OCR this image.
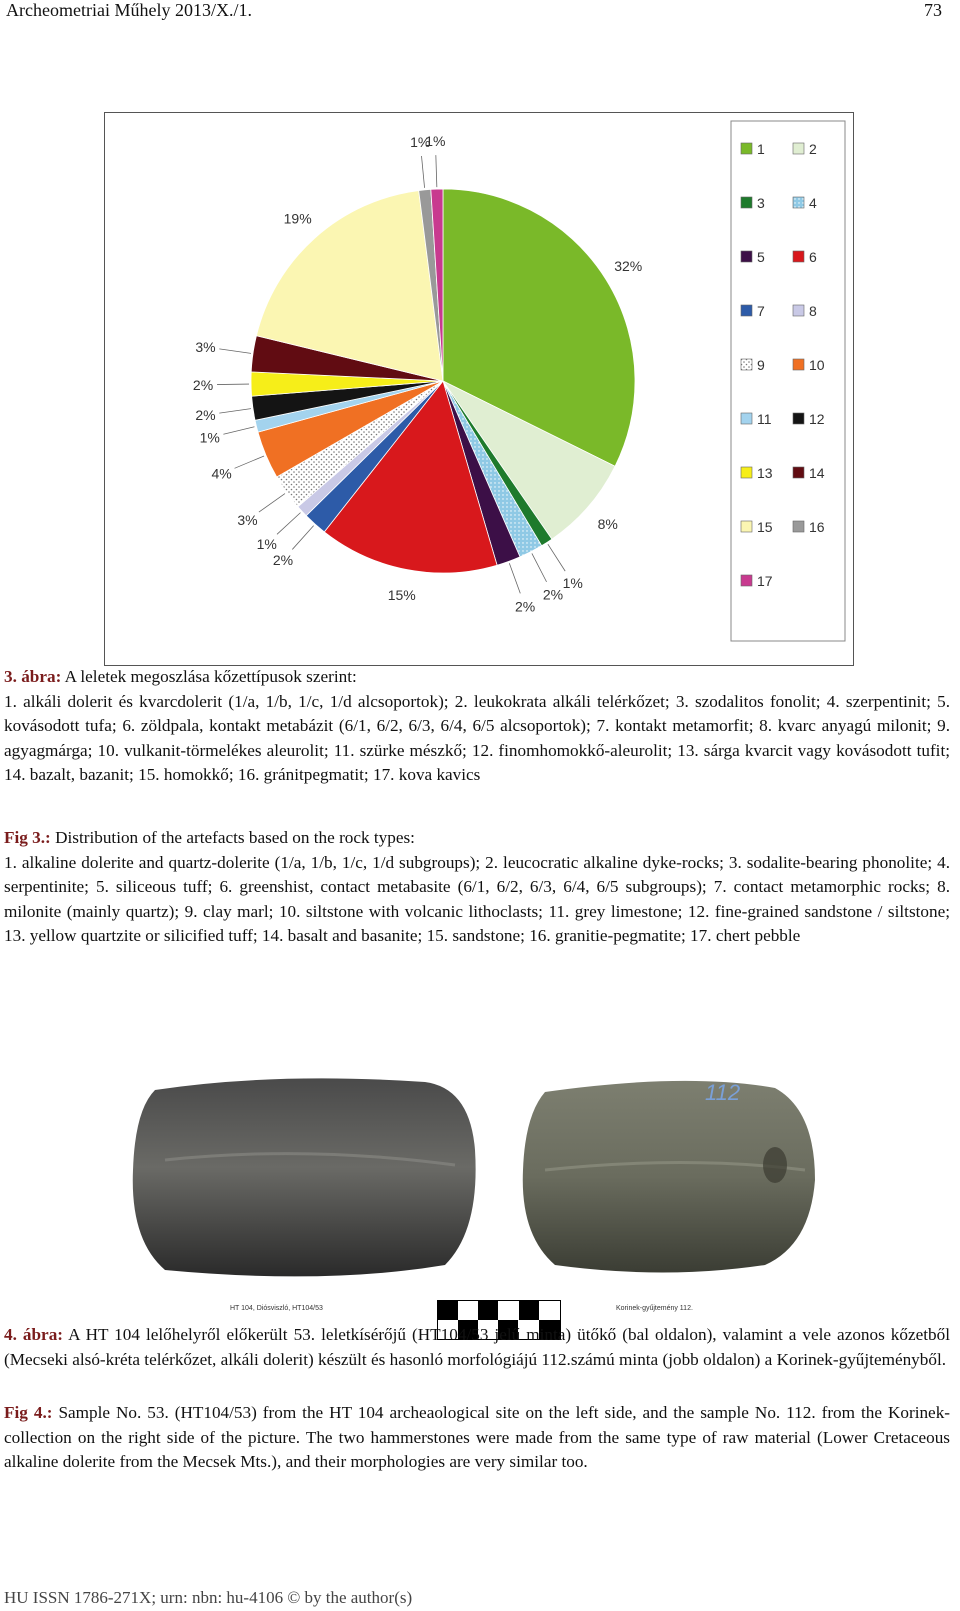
Archeometriai Műhely 2013/X./1.	73
32%
8%
1%
2%
2%
15%
2%
1%
3%
4%
1%
2%
2%
3%
19%
1%
1%	1	2
3	4
5	6
7	8
9	10
11	12
13	14
15	16
17
3. ábra: A leletek megoszlása kőzettípusok szerint:
1. alkáli dolerit és kvarcdolerit (1/a, 1/b, 1/c, 1/d alcsoportok); 2. leukokrata alkáli telérkőzet; 3. szodalitos fonolit; 4. szerpentinit; 5. kovásodott tufa; 6. zöldpala, kontakt metabázit (6/1, 6/2, 6/3, 6/4, 6/5 alcsoportok); 7. kontakt metamorfit; 8. kvarc anyagú milonit; 9. agyagmárga; 10. vulkanit-törmelékes aleurolit; 11. szürke mészkő; 12. finomhomokkő-aleurolit; 13. sárga kvarcit vagy kovásodott tufit; 14. bazalt, bazanit; 15. homokkő; 16. gránitpegmatit; 17. kova kavics
Fig 3.: Distribution of the artefacts based on the rock types:
1. alkaline dolerite and quartz-dolerite (1/a, 1/b, 1/c, 1/d subgroups); 2. leucocratic alkaline dyke-rocks; 3. sodalite-bearing phonolite; 4. serpentinite; 5. siliceous tuff; 6. greenshist, contact metabasite (6/1, 6/2, 6/3, 6/4, 6/5 subgroups); 7. contact metamorphic rocks; 8. milonite (mainly quartz); 9. clay marl; 10. siltstone with volcanic lithoclasts; 11. grey limestone; 12. fine-grained sandstone / siltstone; 13. yellow quartzite or silicified tuff; 14. basalt and basanite; 15. sandstone; 16. granitie-pegmatite; 17. chert pebble
112
HT 104, Diósviszló, HT104/53	Korinek-gyűjtemény 112.
4. ábra: A HT 104 lelőhelyről előkerült 53. leletkísérőjű (HT104/53 jelű minta) ütőkő (bal oldalon), valamint a vele azonos kőzetből (Mecseki alsó-kréta telérkőzet, alkáli dolerit) készült és hasonló morfológiájú 112.számú minta (jobb oldalon) a Korinek-gyűjteményből.
Fig 4.: Sample No. 53. (HT104/53) from the HT 104 archeaological site on the left side, and the sample No. 112. from the Korinek-collection on the right side of the picture. The two hammerstones were made from the same type of raw material (Lower Cretaceous alkaline dolerite from the Mecsek Mts.), and their morphologies are very similar too.
HU ISSN 1786-271X; urn: nbn: hu-4106 © by the author(s)
